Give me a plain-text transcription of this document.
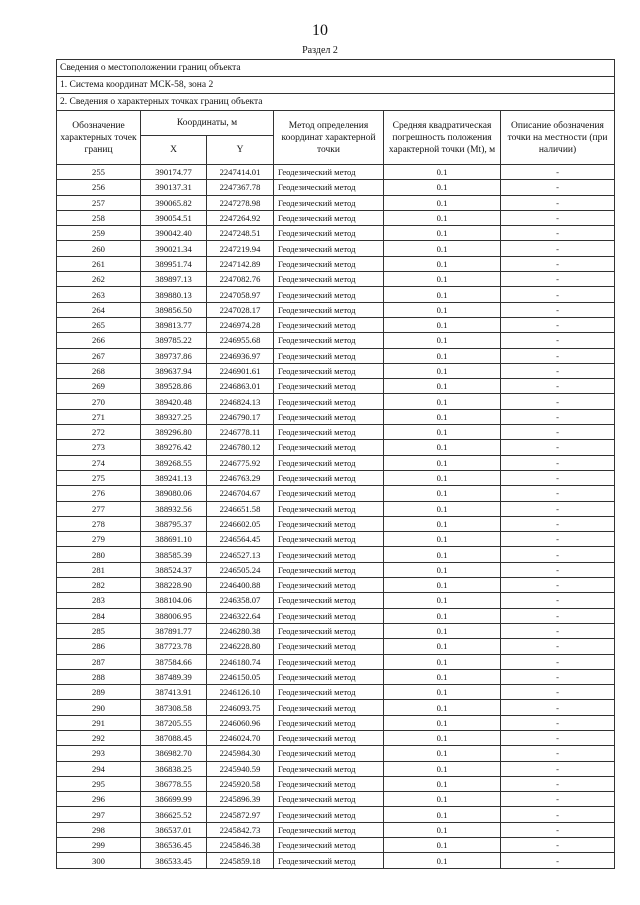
10
Раздел 2
Сведения о местоположении границ объекта					
1. Система координат МСК-58, зона 2					
2. Сведения о характерных точках границ объекта					
Обозначение характерных точек границ	Координаты, м		Метод определения координат характерной точки	Средняя квадратическая погрешность положения характерной точки (Mt), м	Описание обозначения точки на местности (при наличии)
	X	Y			
255	390174.77	2247414.01	Геодезический метод	0.1	-
256	390137.31	2247367.78	Геодезический метод	0.1	-
257	390065.82	2247278.98	Геодезический метод	0.1	-
258	390054.51	2247264.92	Геодезический метод	0.1	-
259	390042.40	2247248.51	Геодезический метод	0.1	-
260	390021.34	2247219.94	Геодезический метод	0.1	-
261	389951.74	2247142.89	Геодезический метод	0.1	-
262	389897.13	2247082.76	Геодезический метод	0.1	-
263	389880.13	2247058.97	Геодезический метод	0.1	-
264	389856.50	2247028.17	Геодезический метод	0.1	-
265	389813.77	2246974.28	Геодезический метод	0.1	-
266	389785.22	2246955.68	Геодезический метод	0.1	-
267	389737.86	2246936.97	Геодезический метод	0.1	-
268	389637.94	2246901.61	Геодезический метод	0.1	-
269	389528.86	2246863.01	Геодезический метод	0.1	-
270	389420.48	2246824.13	Геодезический метод	0.1	-
271	389327.25	2246790.17	Геодезический метод	0.1	-
272	389296.80	2246778.11	Геодезический метод	0.1	-
273	389276.42	2246780.12	Геодезический метод	0.1	-
274	389268.55	2246775.92	Геодезический метод	0.1	-
275	389241.13	2246763.29	Геодезический метод	0.1	-
276	389080.06	2246704.67	Геодезический метод	0.1	-
277	388932.56	2246651.58	Геодезический метод	0.1	-
278	388795.37	2246602.05	Геодезический метод	0.1	-
279	388691.10	2246564.45	Геодезический метод	0.1	-
280	388585.39	2246527.13	Геодезический метод	0.1	-
281	388524.37	2246505.24	Геодезический метод	0.1	-
282	388228.90	2246400.88	Геодезический метод	0.1	-
283	388104.06	2246358.07	Геодезический метод	0.1	-
284	388006.95	2246322.64	Геодезический метод	0.1	-
285	387891.77	2246280.38	Геодезический метод	0.1	-
286	387723.78	2246228.80	Геодезический метод	0.1	-
287	387584.66	2246180.74	Геодезический метод	0.1	-
288	387489.39	2246150.05	Геодезический метод	0.1	-
289	387413.91	2246126.10	Геодезический метод	0.1	-
290	387308.58	2246093.75	Геодезический метод	0.1	-
291	387205.55	2246060.96	Геодезический метод	0.1	-
292	387088.45	2246024.70	Геодезический метод	0.1	-
293	386982.70	2245984.30	Геодезический метод	0.1	-
294	386838.25	2245940.59	Геодезический метод	0.1	-
295	386778.55	2245920.58	Геодезический метод	0.1	-
296	386699.99	2245896.39	Геодезический метод	0.1	-
297	386625.52	2245872.97	Геодезический метод	0.1	-
298	386537.01	2245842.73	Геодезический метод	0.1	-
299	386536.45	2245846.38	Геодезический метод	0.1	-
300	386533.45	2245859.18	Геодезический метод	0.1	-
